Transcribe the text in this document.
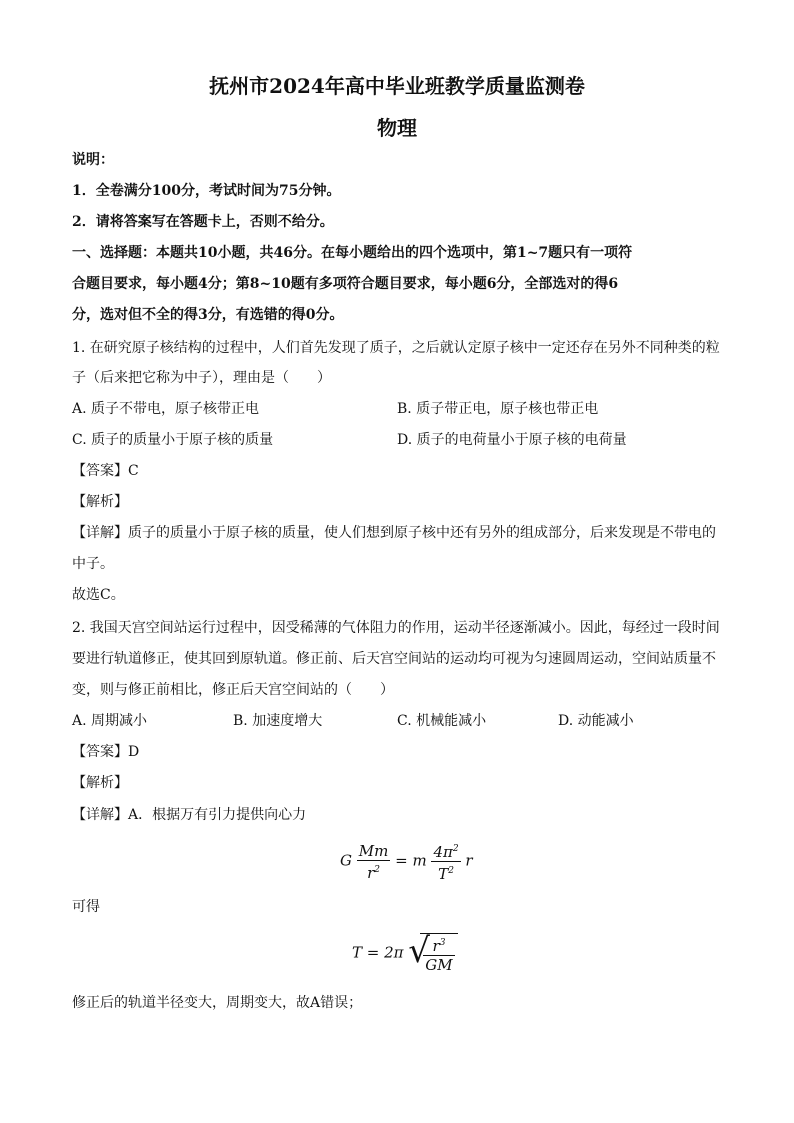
抚州市2024年高中毕业班教学质量监测卷
物理
说明：
1．全卷满分100分，考试时间为75分钟。
2．请将答案写在答题卡上，否则不给分。
一、选择题：本题共10小题，共46分。在每小题给出的四个选项中，第1~7题只有一项符
合题目要求，每小题4分；第8~10题有多项符合题目要求，每小题6分，全部选对的得6
分，选对但不全的得3分，有选错的得0分。
1. 在研究原子核结构的过程中，人们首先发现了质子，之后就认定原子核中一定还存在另外不同种类的粒
子（后来把它称为中子），理由是（　　）
A. 质子不带电，原子核带正电	B. 质子带正电，原子核也带正电
C. 质子的质量小于原子核的质量	D. 质子的电荷量小于原子核的电荷量
【答案】C
【解析】
【详解】质子的质量小于原子核的质量，使人们想到原子核中还有另外的组成部分，后来发现是不带电的
中子。
故选C。
2. 我国天宫空间站运行过程中，因受稀薄的气体阻力的作用，运动半径逐渐减小。因此，每经过一段时间
要进行轨道修正，使其回到原轨道。修正前、后天宫空间站的运动均可视为匀速圆周运动，空间站质量不
变，则与修正前相比，修正后天宫空间站的（　　）
A. 周期减小	B. 加速度增大	C. 机械能减小	D. 动能减小
【答案】D
【解析】
【详解】A．根据万有引力提供向心力
G $\frac{Mm}{r^2} = m \frac{4\pi^2}{T^2}$ r
可得
T = 2π √
$\frac{r^3}{GM}$
修正后的轨道半径变大，周期变大，故A错误；
